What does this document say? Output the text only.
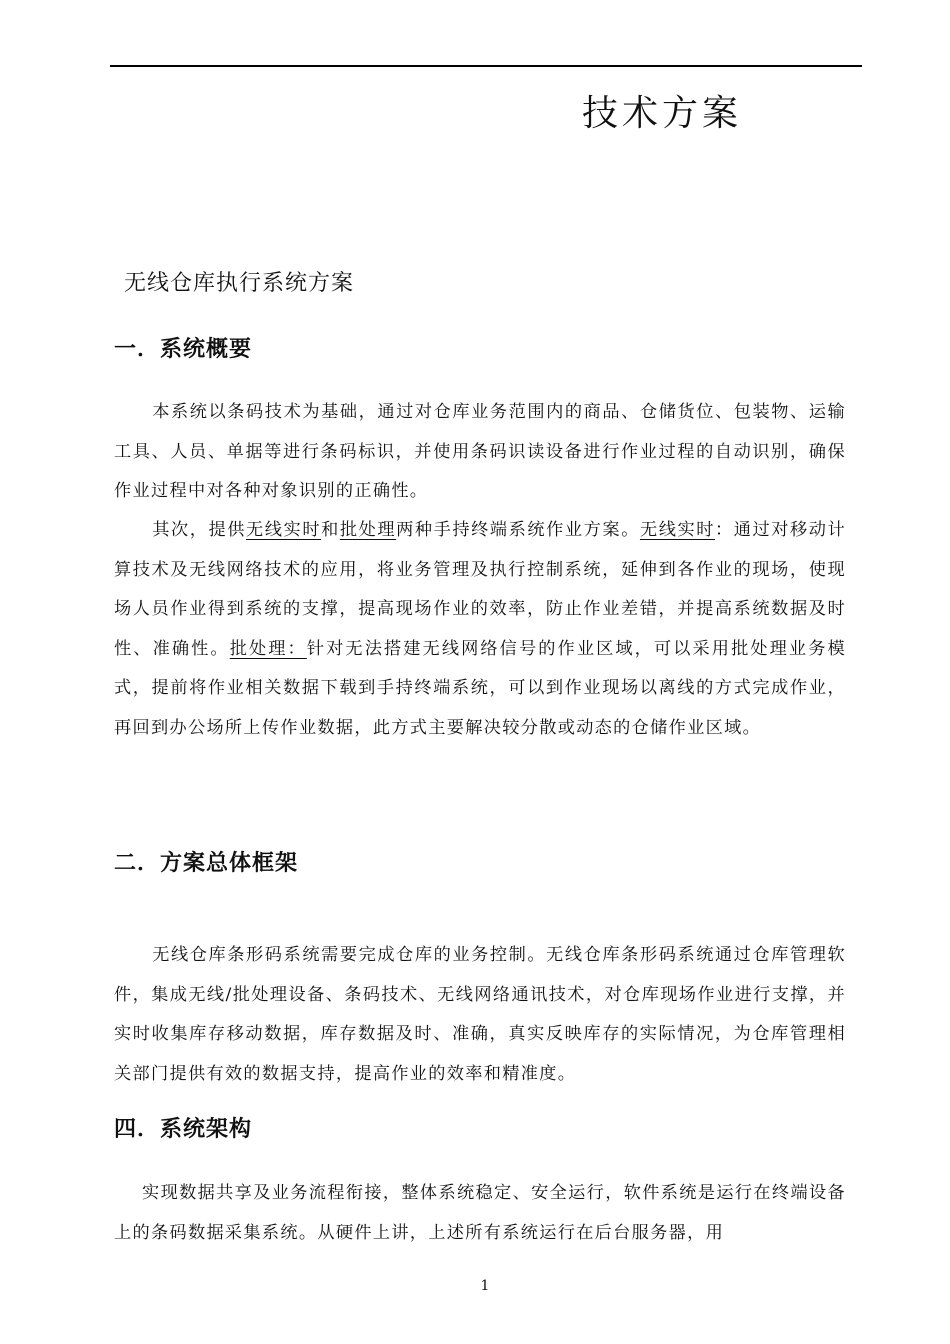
技术方案
无线仓库执行系统方案
一．系统概要

本系统以条码技术为基础，通过对仓库业务范围内的商品、仓储货位、包装物、运输工具、人员、单据等进行条码标识，并使用条码识读设备进行作业过程的自动识别，确保作业过程中对各种对象识别的正确性。

其次，提供无线实时和批处理两种手持终端系统作业方案。无线实时：通过对移动计算技术及无线网络技术的应用，将业务管理及执行控制系统，延伸到各作业的现场，使现场人员作业得到系统的支撑，提高现场作业的效率，防止作业差错，并提高系统数据及时性、准确性。批处理：针对无法搭建无线网络信号的作业区域，可以采用批处理业务模式，提前将作业相关数据下载到手持终端系统，可以到作业现场以离线的方式完成作业，再回到办公场所上传作业数据，此方式主要解决较分散或动态的仓储作业区域。

二．方案总体框架

无线仓库条形码系统需要完成仓库的业务控制。无线仓库条形码系统通过仓库管理软件，集成无线/批处理设备、条码技术、无线网络通讯技术，对仓库现场作业进行支撑，并实时收集库存移动数据，库存数据及时、准确，真实反映库存的实际情况，为仓库管理相关部门提供有效的数据支持，提高作业的效率和精准度。

四．系统架构

实现数据共享及业务流程衔接，整体系统稳定、安全运行，软件系统是运行在终端设备上的条码数据采集系统。从硬件上讲，上述所有系统运行在后台服务器，用

1
